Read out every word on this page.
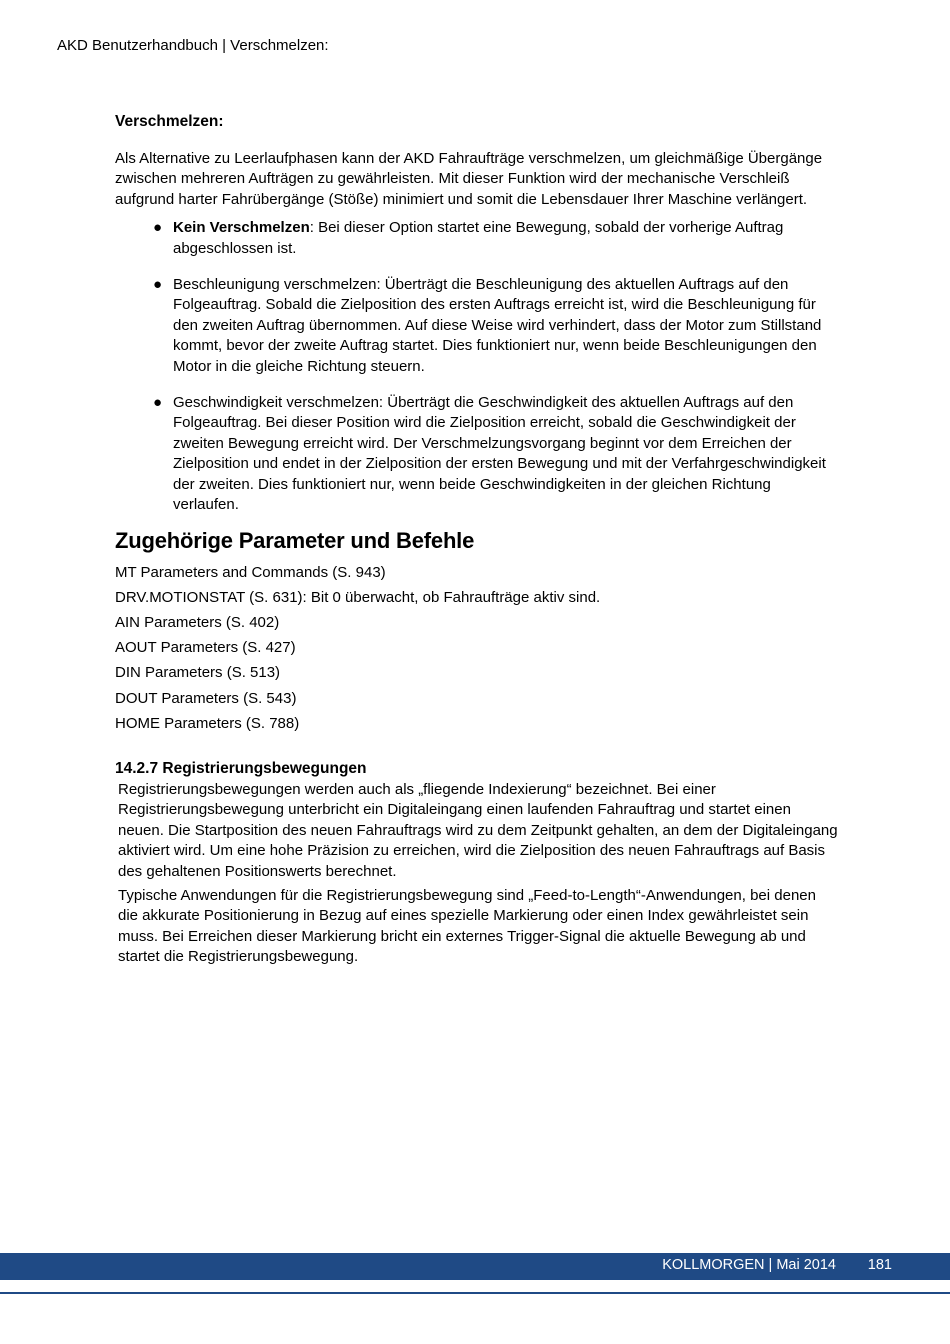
AKD Benutzerhandbuch | Verschmelzen:
Verschmelzen:

Als Alternative zu Leerlaufphasen kann der AKD Fahraufträge verschmelzen, um gleichmäßige Übergänge zwischen mehreren Aufträgen zu gewährleisten. Mit dieser Funktion wird der mechanische Verschleiß aufgrund harter Fahrübergänge (Stöße) minimiert und somit die Lebensdauer Ihrer Maschine verlängert.

● Kein Verschmelzen: Bei dieser Option startet eine Bewegung, sobald der vorherige Auftrag abgeschlossen ist.
● Beschleunigung verschmelzen: Überträgt die Beschleunigung des aktuellen Auftrags auf den Folgeauftrag. Sobald die Zielposition des ersten Auftrags erreicht ist, wird die Beschleunigung für den zweiten Auftrag übernommen. Auf diese Weise wird verhindert, dass der Motor zum Stillstand kommt, bevor der zweite Auftrag startet. Dies funktioniert nur, wenn beide Beschleunigungen den Motor in die gleiche Richtung steuern.
● Geschwindigkeit verschmelzen: Überträgt die Geschwindigkeit des aktuellen Auftrags auf den Folgeauftrag. Bei dieser Position wird die Zielposition erreicht, sobald die Geschwindigkeit der zweiten Bewegung erreicht wird. Der Verschmelzungsvorgang beginnt vor dem Erreichen der Zielposition und endet in der Zielposition der ersten Bewegung und mit der Verfahrgeschwindigkeit der zweiten. Dies funktioniert nur, wenn beide Geschwindigkeiten in der gleichen Richtung verlaufen.
Zugehörige Parameter und Befehle
MT Parameters and Commands (S. 943)
DRV.MOTIONSTAT (S. 631): Bit 0 überwacht, ob Fahraufträge aktiv sind.
AIN Parameters (S. 402)
AOUT Parameters (S. 427)
DIN Parameters (S. 513)
DOUT Parameters (S. 543)
HOME Parameters (S. 788)
14.2.7 Registrierungsbewegungen

Registrierungsbewegungen werden auch als „fliegende Indexierung“ bezeichnet. Bei einer Registrierungsbewegung unterbricht ein Digitaleingang einen laufenden Fahrauftrag und startet einen neuen. Die Startposition des neuen Fahrauftrags wird zu dem Zeitpunkt gehalten, an dem der Digitaleingang aktiviert wird. Um eine hohe Präzision zu erreichen, wird die Zielposition des neuen Fahrauftrags auf Basis des gehaltenen Positionswerts berechnet.

Typische Anwendungen für die Registrierungsbewegung sind „Feed-to-Length“-Anwendungen, bei denen die akkurate Positionierung in Bezug auf eines spezielle Markierung oder einen Index gewährleistet sein muss. Bei Erreichen dieser Markierung bricht ein externes Trigger-Signal die aktuelle Bewegung ab und startet die Registrierungsbewegung.

KOLLMORGEN | Mai 2014 181
